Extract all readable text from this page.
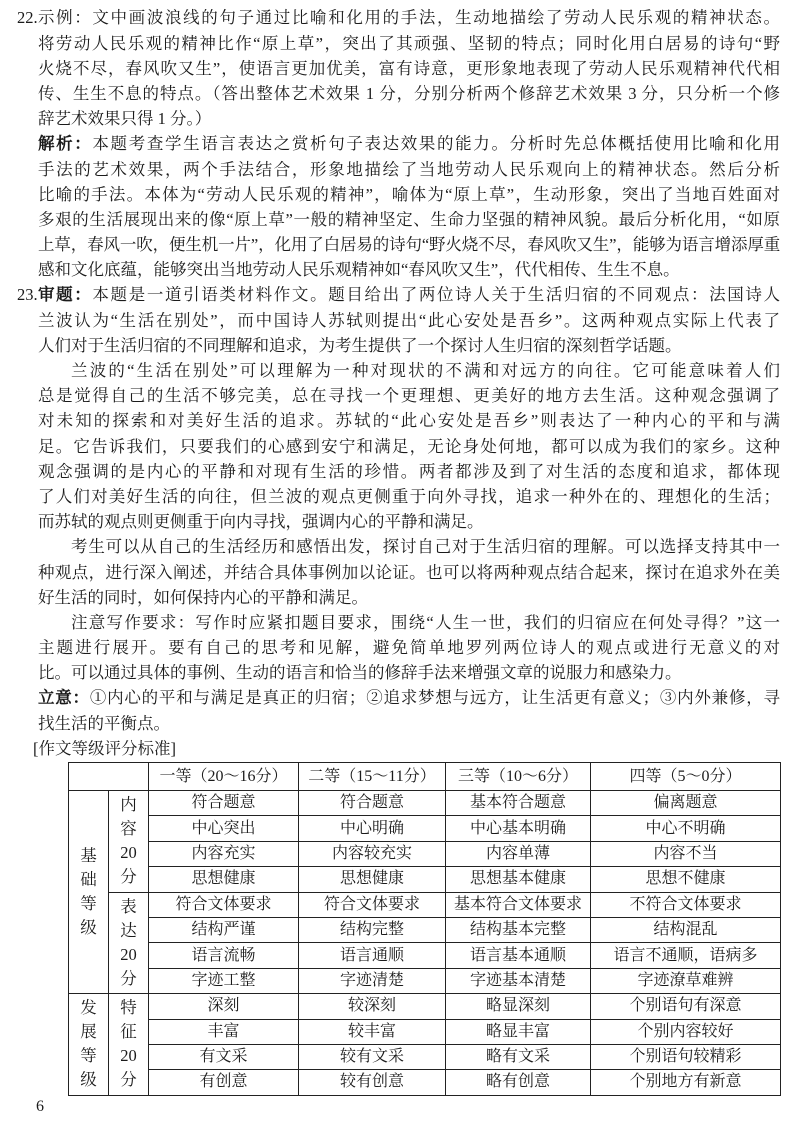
22. 示例：文中画波浪线的句子通过比喻和化用的手法，生动地描绘了劳动人民乐观的精神状态。
将劳动人民乐观的精神比作“原上草”，突出了其顽强、坚韧的特点；同时化用白居易的诗句“野
火烧不尽，春风吹又生”，使语言更加优美，富有诗意，更形象地表现了劳动人民乐观精神代代相
传、生生不息的特点。（答出整体艺术效果 1 分，分别分析两个修辞艺术效果 3 分，只分析一个修
辞艺术效果只得 1 分。）
解析：本题考查学生语言表达之赏析句子表达效果的能力。分析时先总体概括使用比喻和化用
手法的艺术效果，两个手法结合，形象地描绘了当地劳动人民乐观向上的精神状态。然后分析
比喻的手法。本体为“劳动人民乐观的精神”，喻体为“原上草”，生动形象，突出了当地百姓面对
多艰的生活展现出来的像“原上草”一般的精神坚定、生命力坚强的精神风貌。最后分析化用，“如原
上草，春风一吹，便生机一片”，化用了白居易的诗句“野火烧不尽，春风吹又生”，能够为语言增添厚重
感和文化底蕴，能够突出当地劳动人民乐观精神如“春风吹又生”，代代相传、生生不息。
23. 审题：本题是一道引语类材料作文。题目给出了两位诗人关于生活归宿的不同观点：法国诗人
兰波认为“生活在别处”，而中国诗人苏轼则提出“此心安处是吾乡”。这两种观点实际上代表了
人们对于生活归宿的不同理解和追求，为考生提供了一个探讨人生归宿的深刻哲学话题。
兰波的“生活在别处”可以理解为一种对现状的不满和对远方的向往。它可能意味着人们
总是觉得自己的生活不够完美，总在寻找一个更理想、更美好的地方去生活。这种观念强调了
对未知的探索和对美好生活的追求。苏轼的“此心安处是吾乡”则表达了一种内心的平和与满
足。它告诉我们，只要我们的心感到安宁和满足，无论身处何地，都可以成为我们的家乡。这种
观念强调的是内心的平静和对现有生活的珍惜。两者都涉及到了对生活的态度和追求，都体现
了人们对美好生活的向往，但兰波的观点更侧重于向外寻找，追求一种外在的、理想化的生活；
而苏轼的观点则更侧重于向内寻找，强调内心的平静和满足。
考生可以从自己的生活经历和感悟出发，探讨自己对于生活归宿的理解。可以选择支持其中一
种观点，进行深入阐述，并结合具体事例加以论证。也可以将两种观点结合起来，探讨在追求外在美
好生活的同时，如何保持内心的平静和满足。
注意写作要求：写作时应紧扣题目要求，围绕“人生一世，我们的归宿应在何处寻得？”这一
主题进行展开。要有自己的思考和见解，避免简单地罗列两位诗人的观点或进行无意义的对
比。可以通过具体的事例、生动的语言和恰当的修辞手法来增强文章的说服力和感染力。
立意：①内心的平和与满足是真正的归宿；②追求梦想与远方，让生活更有意义；③内外兼修，寻
找生活的平衡点。
[作文等级评分标准]
		一等（20～16分）	二等（15～11分）	三等（10～6分）	四等（5～0分）

基础等级	内容20分	符合题意	符合题意	基本符合题意	偏离题意
		中心突出	中心明确	中心基本明确	中心不明确
		内容充实	内容较充实	内容单薄	内容不当
		思想健康	思想健康	思想基本健康	思想不健康

	表达20分	符合文体要求	符合文体要求	基本符合文体要求	不符合文体要求
		结构严谨	结构完整	结构基本完整	结构混乱
		语言流畅	语言通顺	语言基本通顺	语言不通顺，语病多
		字迹工整	字迹清楚	字迹基本清楚	字迹潦草难辨

发展等级	特征20分	深刻	较深刻	略显深刻	个别语句有深意
		丰富	较丰富	略显丰富	个别内容较好
		有文采	较有文采	略有文采	个别语句较精彩
		有创意	较有创意	略有创意	个别地方有新意
6
